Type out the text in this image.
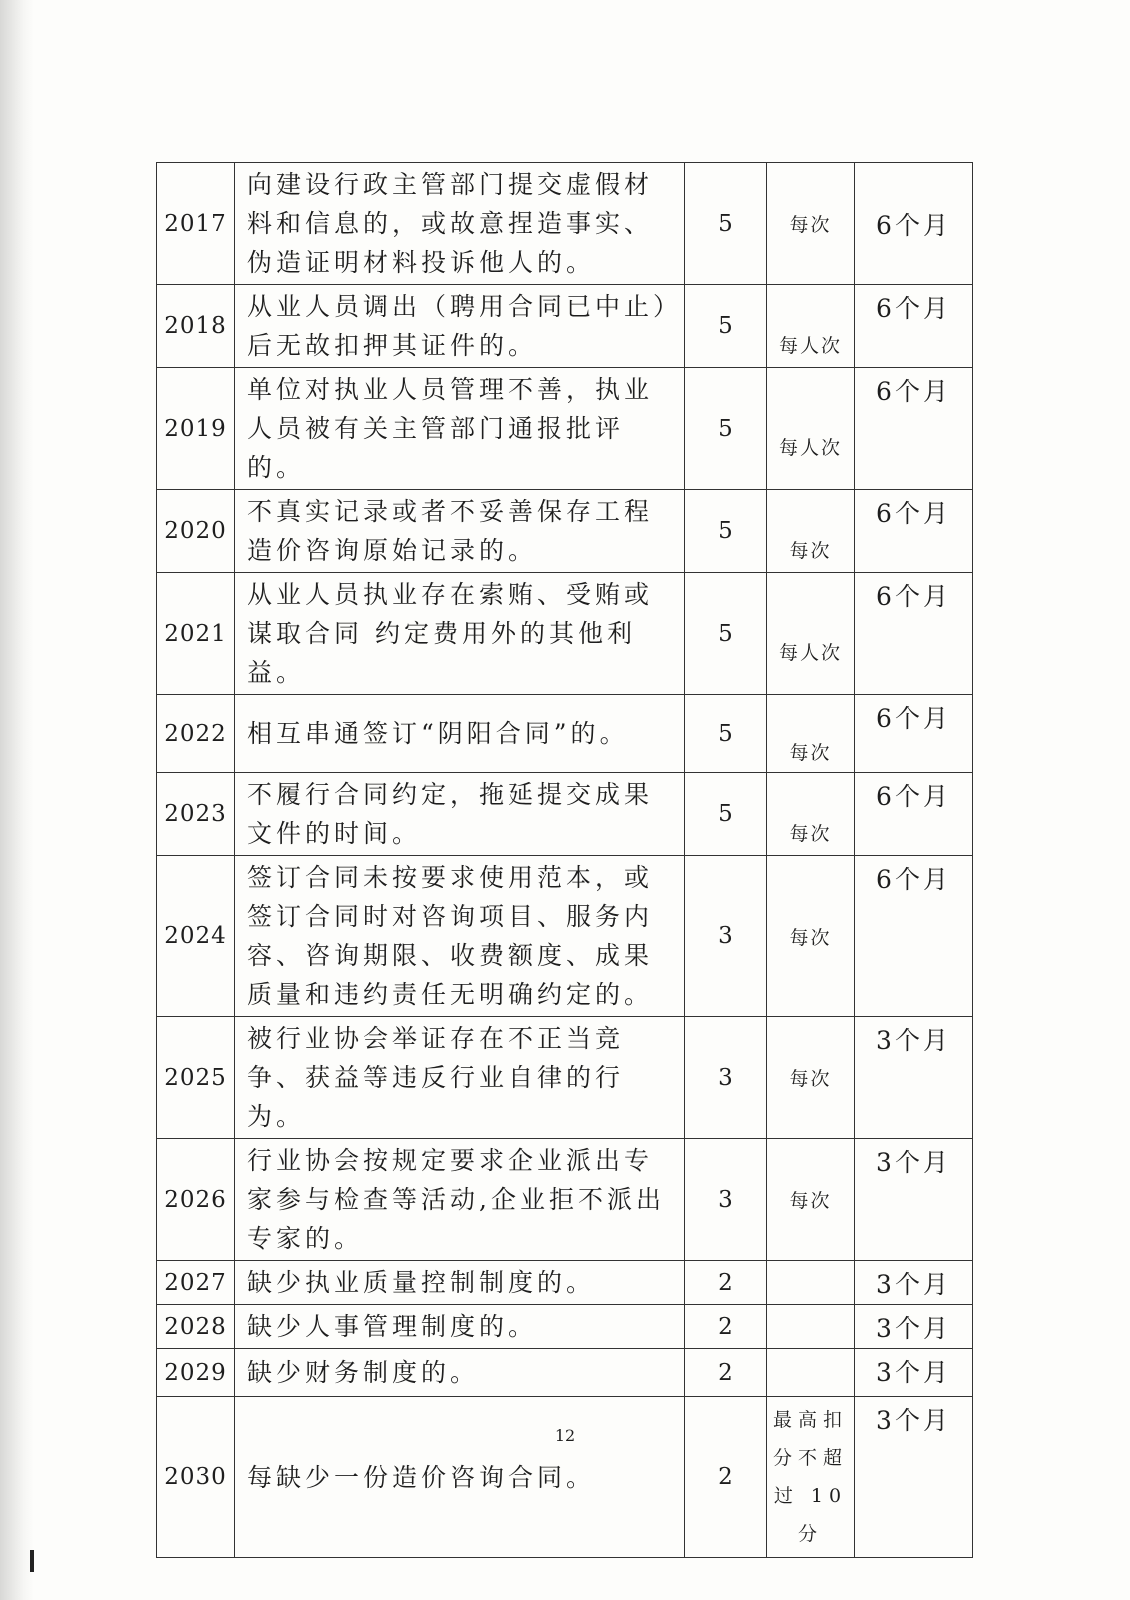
2017	向建设行政主管部门提交虚假材料和信息的，或故意捏造事实、伪造证明材料投诉他人的。	5	每次	6个月
2018	从业人员调出（聘用合同已中止）后无故扣押其证件的。	5	每人次	6个月
2019	单位对执业人员管理不善，执业人员被有关主管部门通报批评的。	5	每人次	6个月
2020	不真实记录或者不妥善保存工程造价咨询原始记录的。	5	每次	6个月
2021	从业人员执业存在索贿、受贿或谋取合同 约定费用外的其他利益。	5	每人次	6个月
2022	相互串通签订“阴阳合同”的。	5	每次	6个月
2023	不履行合同约定，拖延提交成果文件的时间。	5	每次	6个月
2024	签订合同未按要求使用范本，或签订合同时对咨询项目、服务内容、咨询期限、收费额度、成果质量和违约责任无明确约定的。	3	每次	6个月
2025	被行业协会举证存在不正当竞争、获益等违反行业自律的行为。	3	每次	3个月
2026	行业协会按规定要求企业派出专家参与检查等活动,企业拒不派出专家的。	3	每次	3个月
2027	缺少执业质量控制制度的。	2		3个月
2028	缺少人事管理制度的。	2		3个月
2029	缺少财务制度的。	2		3个月
2030	每缺少一份造价咨询合同。	2	最高扣分不超过 10 分	3个月
12
